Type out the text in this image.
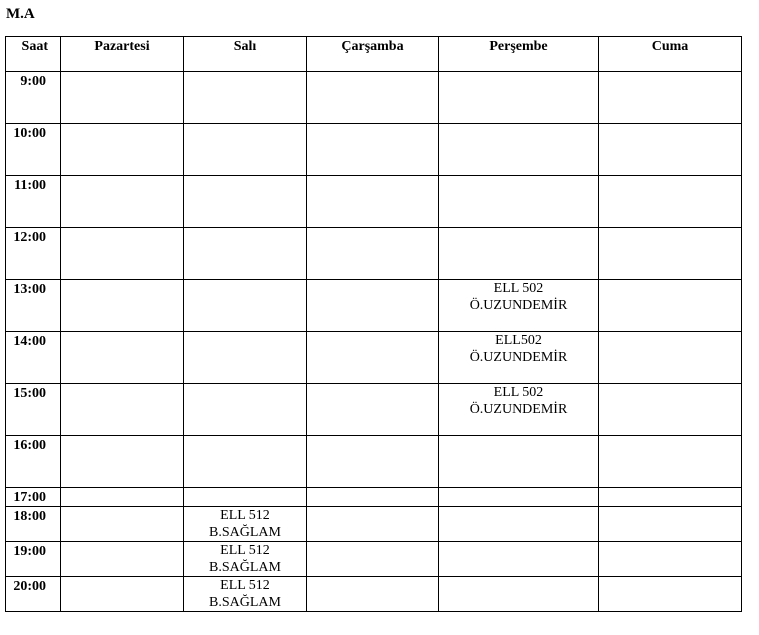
M.A
Saat	Pazartesi	Salı	Çarşamba	Perşembe	Cuma
9:00					
10:00					
11:00					
12:00					
13:00				ELL 502
Ö.UZUNDEMİR	

14:00				ELL502
Ö.UZUNDEMİR	

15:00				ELL 502
Ö.UZUNDEMİR	

16:00					
17:00					
18:00		ELL 512
B.SAĞLAM			

19:00		ELL 512
B.SAĞLAM			

20:00		ELL 512
B.SAĞLAM			
